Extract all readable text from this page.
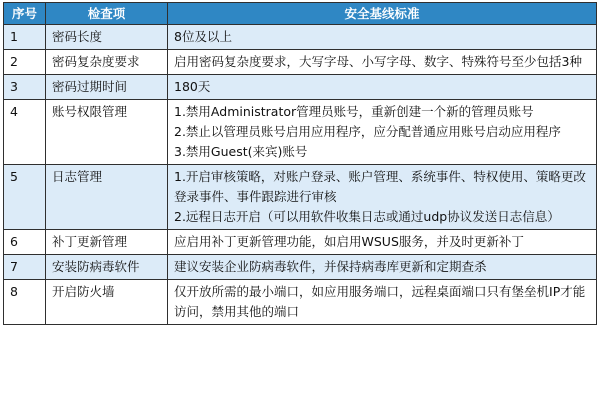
序号	检查项	安全基线标准
1	密码长度	8位及以上

2	密码复杂度要求	启用密码复杂度要求，大写字母、小写字母、数字、特殊符号至少包括3种

3	密码过期时间	180天

4	账号权限管理	1.禁用Administrator管理员账号，重新创建一个新的管理员账号
2.禁止以管理员账号启用应用程序，应分配普通应用账号启动应用程序
3.禁用Guest(来宾)账号

5	日志管理	1.开启审核策略，对账户登录、账户管理、系统事件、特权使用、策略更改登录事件、事件跟踪进行审核
2.远程日志开启（可以用软件收集日志或通过udp协议发送日志信息）

6	补丁更新管理	应启用补丁更新管理功能，如启用WSUS服务，并及时更新补丁

7	安装防病毒软件	建议安装企业防病毒软件，并保持病毒库更新和定期查杀

8	开启防火墙	仅开放所需的最小端口，如应用服务端口，远程桌面端口只有堡垒机IP才能访问，禁用其他的端口
